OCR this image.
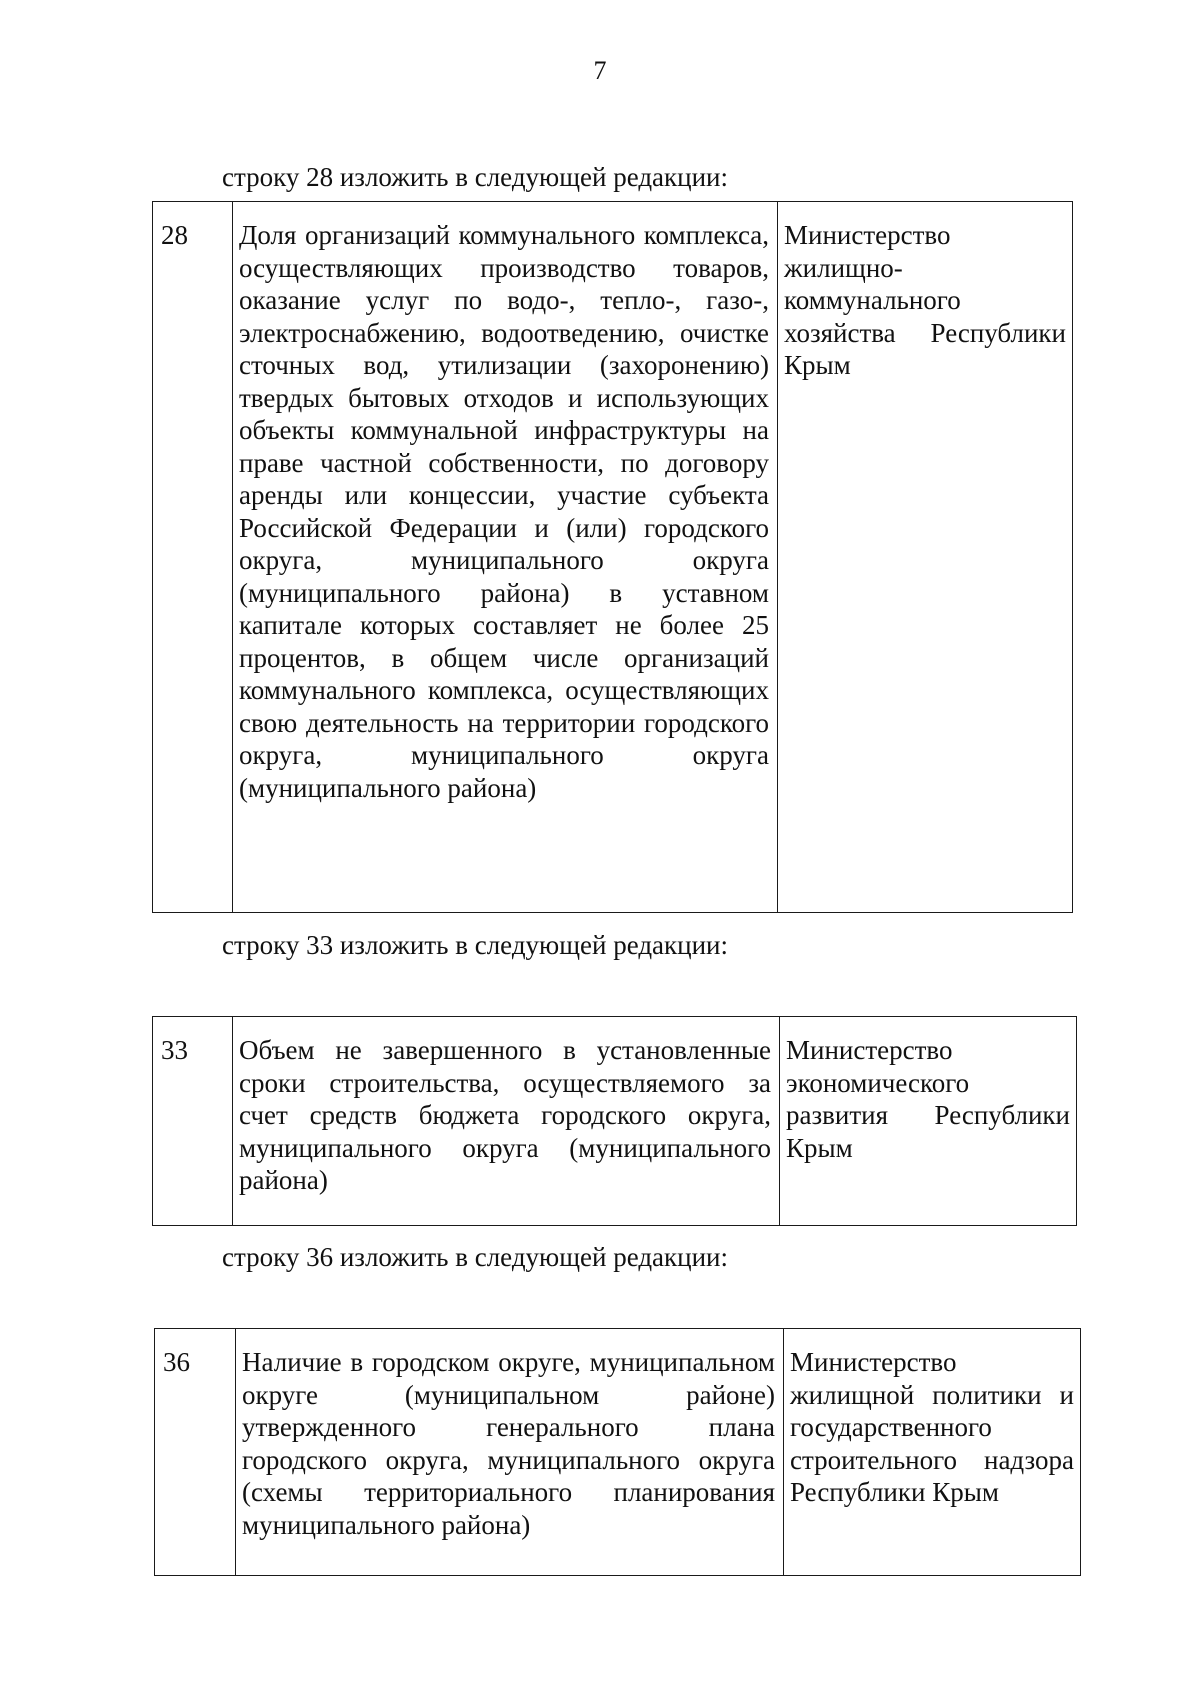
7
строку 28 изложить в следующей редакции:
28	Доля организаций коммунального комплекса, осуществляющих производство товаров, оказание услуг по водо-, тепло-, газо-, электроснабжению, водоотведению, очистке сточных вод, утилизации (захоронению) твердых бытовых отходов и использующих объекты коммунальной инфраструктуры на праве частной собственности, по договору аренды или концессии, участие субъекта Российской Федерации и (или) городского округа, муниципального округа (муниципального района) в уставном капитале которых составляет не более 25 процентов, в общем числе организаций коммунального комплекса, осуществляющих свою деятельность на территории городского округа, муниципального округа (муниципального района)	Министерство жилищно-коммунального хозяйства Республики Крым
строку 33 изложить в следующей редакции:
33	Объем не завершенного в установленные сроки строительства, осуществляемого за счет средств бюджета городского округа, муниципального округа (муниципального района)	Министерство экономического развития Республики Крым
строку 36 изложить в следующей редакции:
36	Наличие в городском округе, муниципальном округе (муниципальном районе) утвержденного генерального плана городского округа, муниципального округа (схемы территориального планирования муниципального района)	Министерство жилищной политики и государственного строительного надзора Республики Крым
